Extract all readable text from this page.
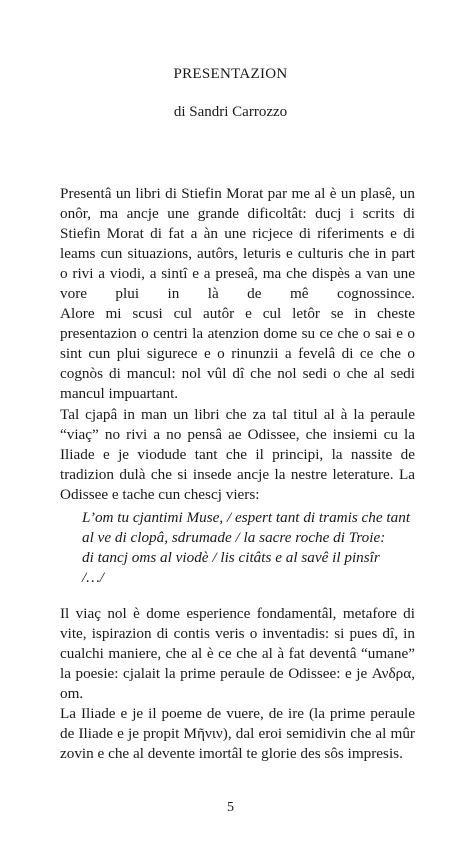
PRESENTAZION
di Sandri Carrozzo

Presentâ un libri di Stiefin Morat par me al è un plasê, un onôr, ma ancje une grande dificoltât: ducj i scrits di Stiefin Morat di fat a àn une ricjece di riferiments e di leams cun situazions, autôrs, leturis e culturis che in part o rivi a viodi, a sintî e a preseâ, ma che dispès a van une vore plui in là de mê cognossince.

Alore mi scusi cul autôr e cul letôr se in cheste presentazion o centri la atenzion dome su ce che o sai e o sint cun plui sigurece e o rinunzii a fevelâ di ce che o cognòs di mancul: nol vûl dî che nol sedi o che al sedi mancul impuartant.

Tal cjapâ in man un libri che za tal titul al à la peraule “viaç” no rivi a no pensâ ae Odissee, che insiemi cu la Iliade e je viodude tant che il principi, la nassite de tradizion dulà che si insede ancje la nestre leterature. La Odissee e tache cun chescj viers:

L’om tu cjantimi Muse, / espert tant di tramis che tant
al ve di clopâ, sdrumade / la sacre roche di Troie:
di tancj oms al viodè / lis citâts e al savê il pinsîr
/…/

Il viaç nol è dome esperience fondamentâl, metafore di vite, ispirazion di contis veris o inventadis: si pues dî, in cualchi maniere, che al è ce che al à fat deventâ “umane” la poesie: cjalait la prime peraule de Odissee: e je Ανδρα, om.

La Iliade e je il poeme de vuere, de ire (la prime peraule de Iliade e je propit Μῆνιν), dal eroi semidivin che al mûr zovin e che al devente imortâl te glorie des sôs impresis.

5
